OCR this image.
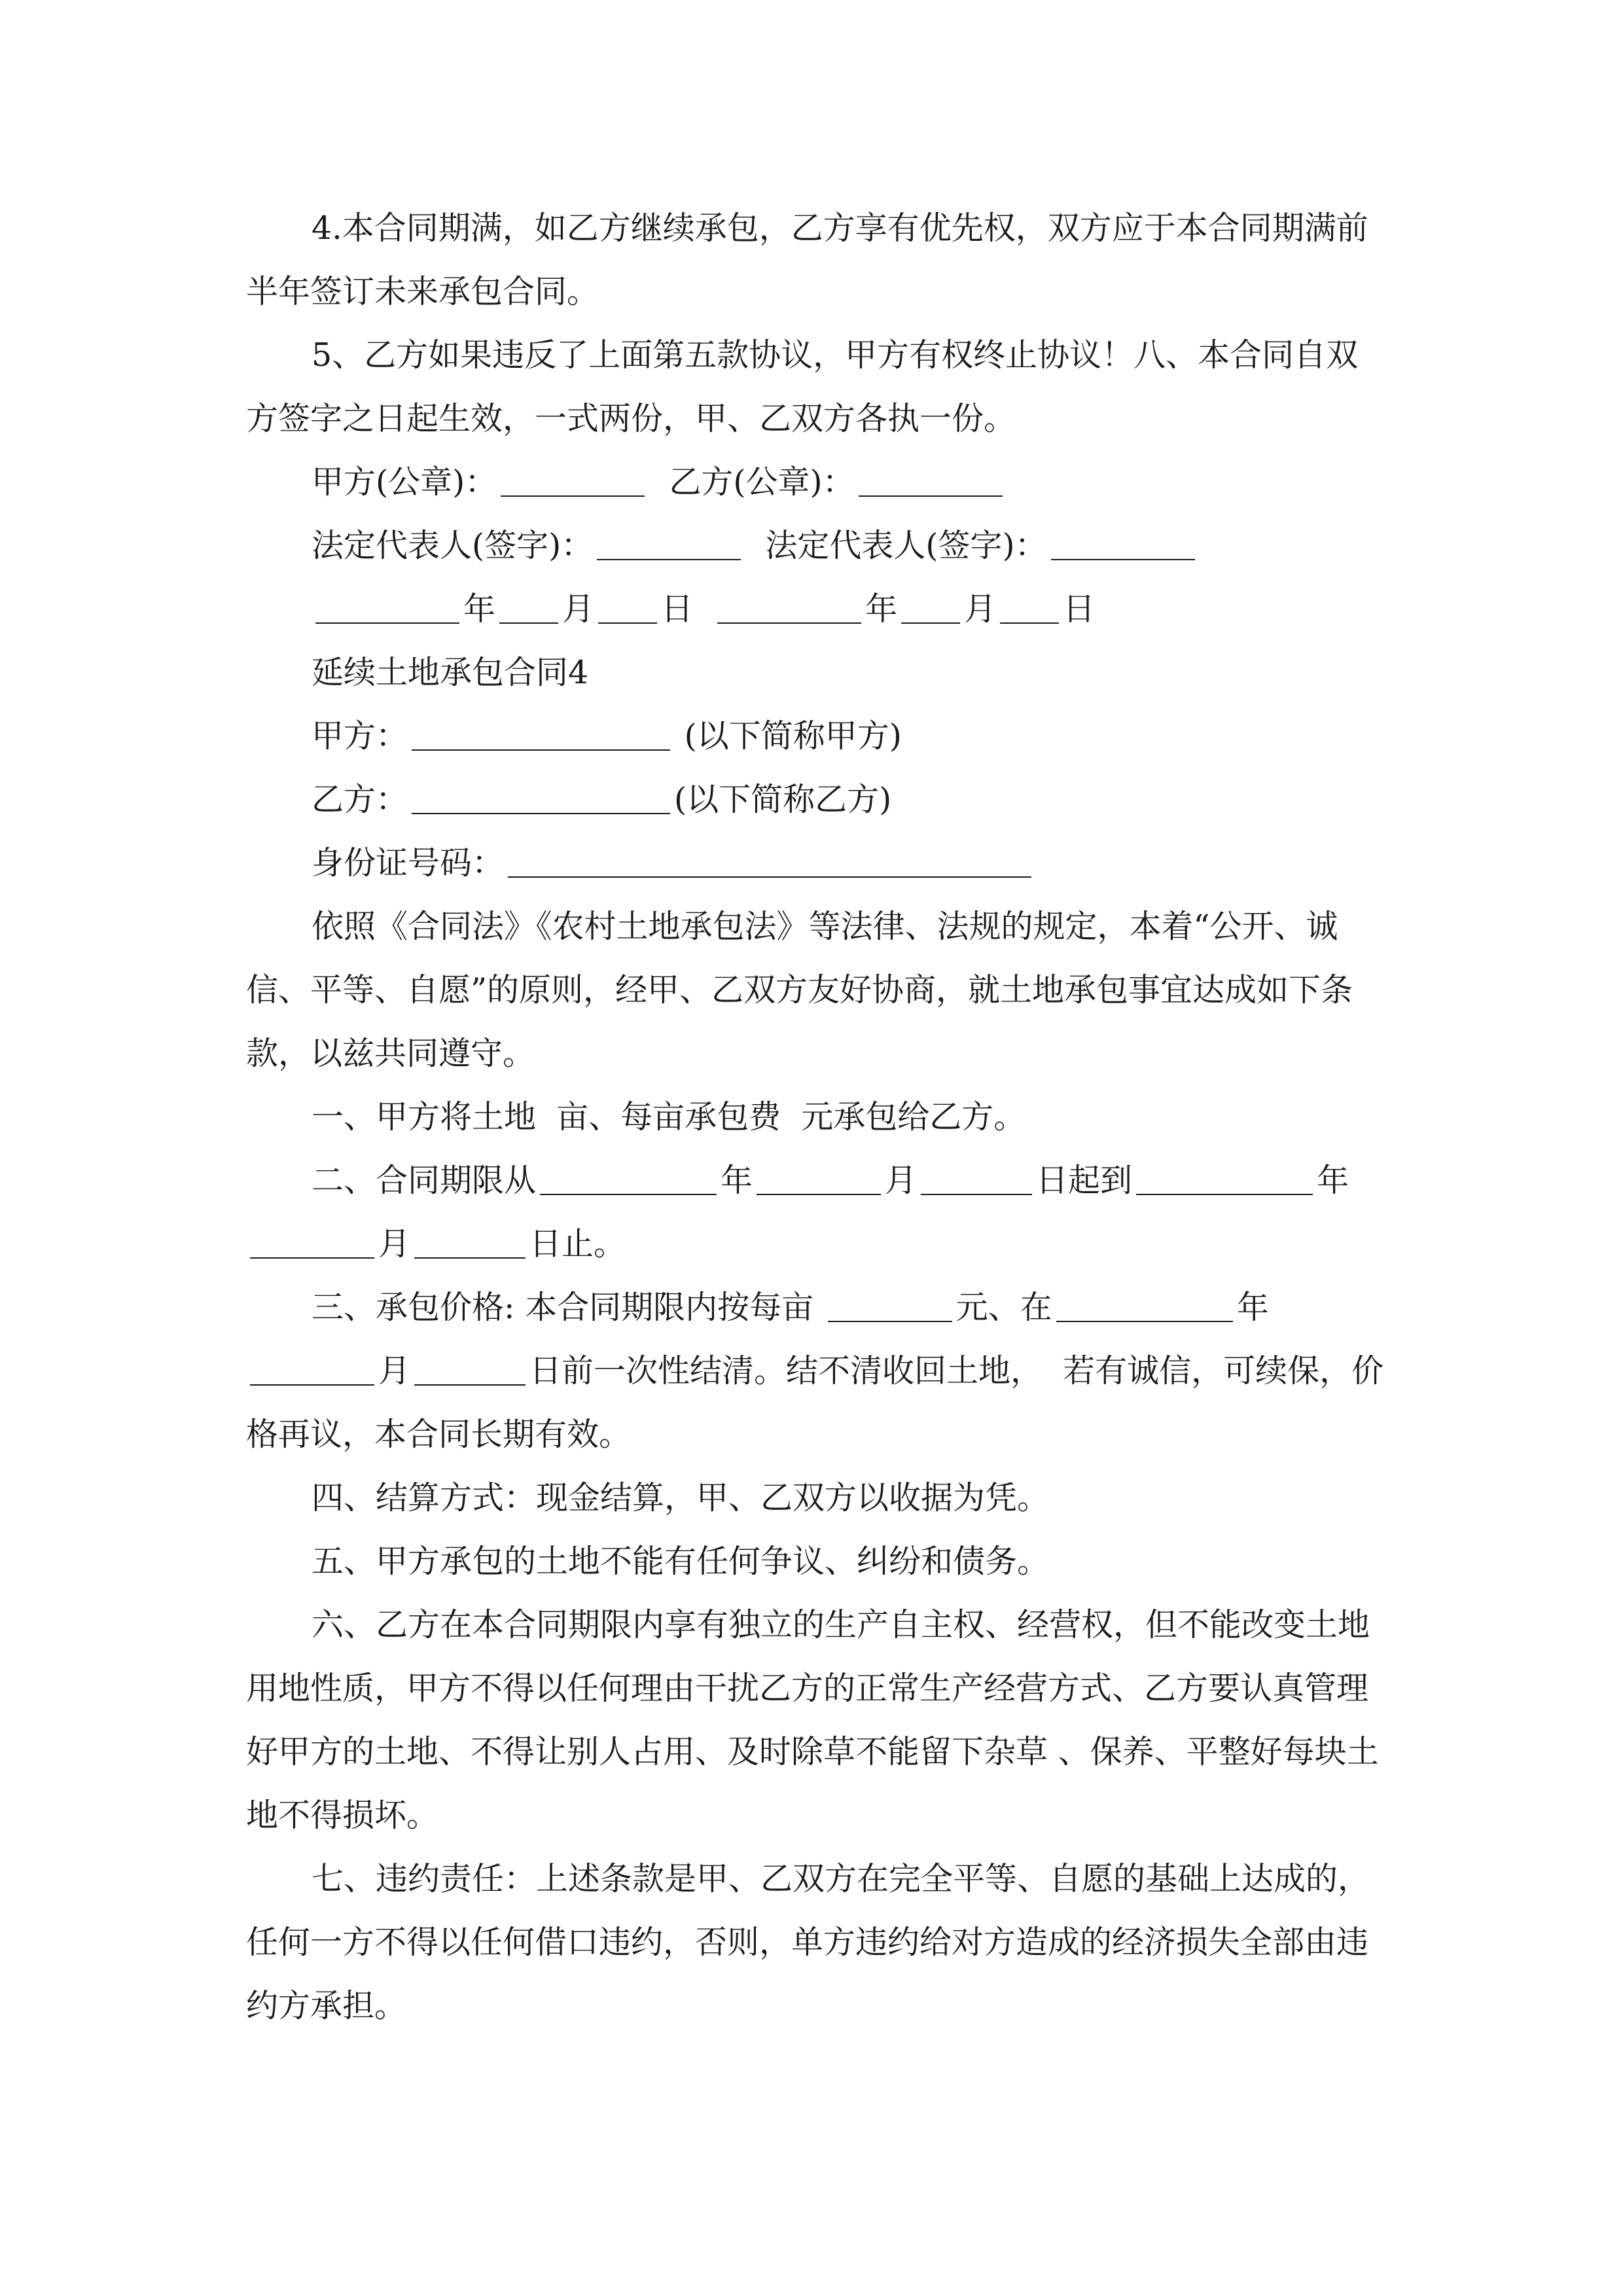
4.本合同期满，如乙方继续承包，乙方享有优先权，双方应于本合同期满前半年签订未来承包合同。

5、乙方如果违反了上面第五款协议，甲方有权终止协议！八、本合同自双方签字之日起生效，一式两份，甲、乙双方各执一份。

甲方(公章)：	乙方(公章)：

法定代表人(签字)：	法定代表人(签字)：

年 月 日	年 月 日

延续土地承包合同4

甲方：	(以下简称甲方)

乙方：	(以下简称乙方)

身份证号码：

依照《合同法》《农村土地承包法》等法律、法规的规定，本着“公开、诚信、平等、自愿”的原则，经甲、乙双方友好协商，就土地承包事宜达成如下条款，以兹共同遵守。

一、甲方将土地  亩、每亩承包费  元承包给乙方。

二、合同期限从	年	月	日起到	年月	日止。

三、承包价格: 本合同期限内按每亩	元、在	年月	日前一次性结清。结不清收回土地，  若有诚信，可续保，价格再议，本合同长期有效。

四、结算方式：现金结算，甲、乙双方以收据为凭。

五、甲方承包的土地不能有任何争议、纠纷和债务。

六、乙方在本合同期限内享有独立的生产自主权、经营权，但不能改变土地用地性质，甲方不得以任何理由干扰乙方的正常生产经营方式、乙方要认真管理好甲方的土地、不得让别人占用、及时除草不能留下杂草 、保养、平整好每块土地不得损坏。

七、违约责任：上述条款是甲、乙双方在完全平等、自愿的基础上达成的，任何一方不得以任何借口违约，否则，单方违约给对方造成的经济损失全部由违约方承担。
